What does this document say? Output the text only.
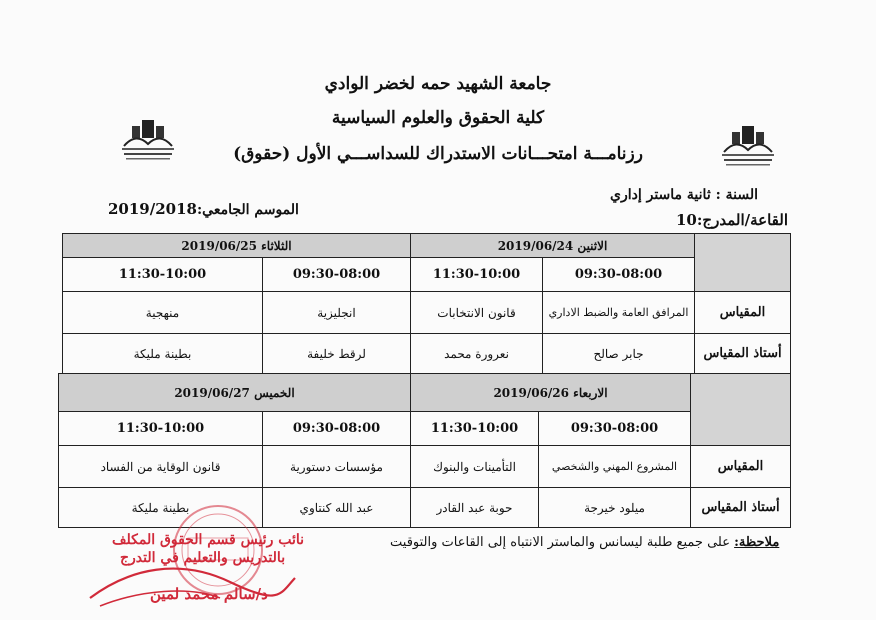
جامعة الشهيد حمه لخضر الوادي
كلية الحقوق والعلوم السياسية
رزنامـــة امتحـــانات الاستدراك للسداســـي الأول (حقوق)
السنة : ثانية ماستر إداري
القاعة/المدرج:10
الموسم الجامعي:2019/2018
	الاثنين 2019/06/24		الثلاثاء 2019/06/25	
	09:30-08:00	11:30-10:00	09:30-08:00	11:30-10:00
المقياس	المرافق العامة والضبط الاداري	قانون الانتخابات	انجليزية	منهجية
أستاذ المقياس	جابر صالح	نعرورة محمد	لرقط خليفة	بطينة مليكة
	الاربعاء 2019/06/26		الخميس 2019/06/27	
	09:30-08:00	11:30-10:00	09:30-08:00	11:30-10:00
المقياس	المشروع المهني والشخصي	التأمينات والبنوك	مؤسسات دستورية	قانون الوقاية من الفساد
أستاذ المقياس	ميلود خيرجة	حوبة عبد القادر	عبد الله كنتاوي	بطينة مليكة
ملاحظة: على جميع طلبة ليسانس والماستر الانتباه إلى القاعات والتوقيت
نائب رئيس قسم الحقوق المكلف
بالتدريس والتعليم في التدرج
د/سالم محمد لمين
